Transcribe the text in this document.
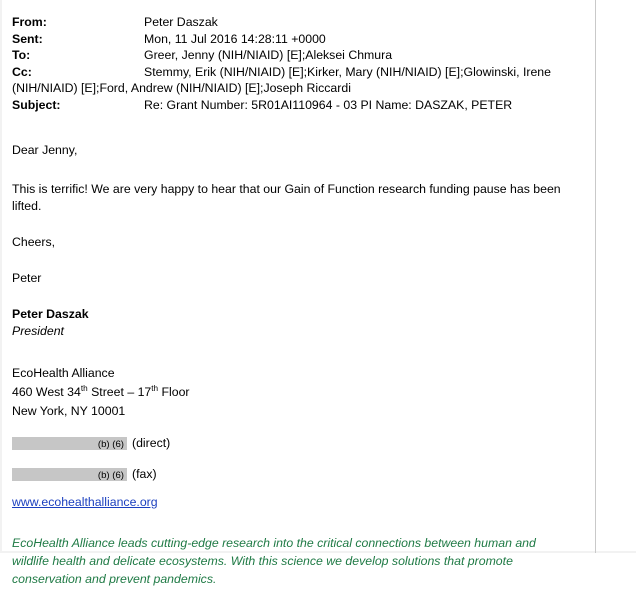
From:	Peter Daszak
Sent:	Mon, 11 Jul 2016 14:28:11 +0000
To:	Greer, Jenny (NIH/NIAID) [E];Aleksei Chmura
Cc:	Stemmy, Erik (NIH/NIAID) [E];Kirker, Mary (NIH/NIAID) [E];Glowinski, Irene
(NIH/NIAID) [E];Ford, Andrew (NIH/NIAID) [E];Joseph Riccardi
Subject:	Re: Grant Number: 5R01AI110964 - 03 PI Name: DASZAK, PETER

Dear Jenny,

This is terrific! We are very happy to hear that our Gain of Function research funding pause has been lifted.

Cheers,

Peter

Peter Daszak

President

EcoHealth Alliance

460 West 34th Street – 17th Floor

New York, NY 10001

(b) (6) (direct)
(b) (6) (fax)
www.ecohealthalliance.org

EcoHealth Alliance leads cutting-edge research into the critical connections between human and wildlife health and delicate ecosystems. With this science we develop solutions that promote conservation and prevent pandemics.
